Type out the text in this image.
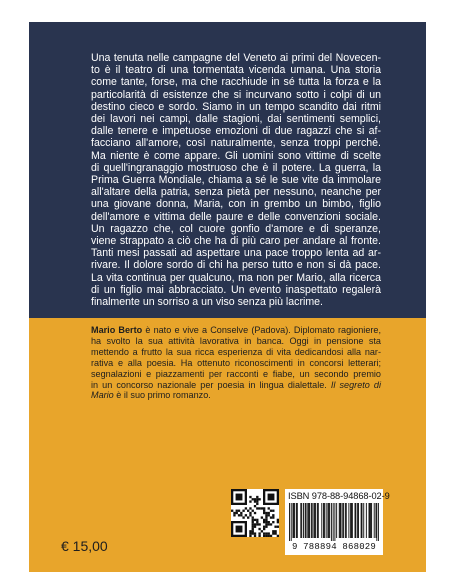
Una tenuta nelle campagne del Veneto ai primi del Novecen-
to è il teatro di una tormentata vicenda umana. Una storia
come tante, forse, ma che racchiude in sé tutta la forza e la
particolarità di esistenze che si incurvano sotto i colpi di un
destino cieco e sordo. Siamo in un tempo scandito dai ritmi
dei lavori nei campi, dalle stagioni, dai sentimenti semplici,
dalle tenere e impetuose emozioni di due ragazzi che si af-
facciano all'amore, così naturalmente, senza troppi perché.
Ma niente è come appare. Gli uomini sono vittime di scelte
di quell'ingranaggio mostruoso che è il potere. La guerra, la
Prima Guerra Mondiale, chiama a sé le sue vite da immolare
all'altare della patria, senza pietà per nessuno, neanche per
una giovane donna, Maria, con in grembo un bimbo, figlio
dell'amore e vittima delle paure e delle convenzioni sociale.
Un ragazzo che, col cuore gonfio d'amore e di speranze,
viene strappato a ciò che ha di più caro per andare al fronte.
Tanti mesi passati ad aspettare una pace troppo lenta ad ar-
rivare. Il dolore sordo di chi ha perso tutto e non si dà pace.
La vita continua per qualcuno, ma non per Mario, alla ricerca
di un figlio mai abbracciato. Un evento inaspettato regalerà
finalmente un sorriso a un viso senza più lacrime.
Mario Berto è nato e vive a Conselve (Padova). Diplomato ragioniere,
ha svolto la sua attività lavorativa in banca. Oggi in pensione sta
mettendo a frutto la sua ricca esperienza di vita dedicandosi alla nar-
rativa e alla poesia. Ha ottenuto riconoscimenti in concorsi letterari;
segnalazioni e piazzamenti per racconti e fiabe, un secondo premio
in un concorso nazionale per poesia in lingua dialettale. Il segreto di
Mario è il suo primo romanzo.
ISBN 978-88-94868-02-9
9 788894 868029
€ 15,00
